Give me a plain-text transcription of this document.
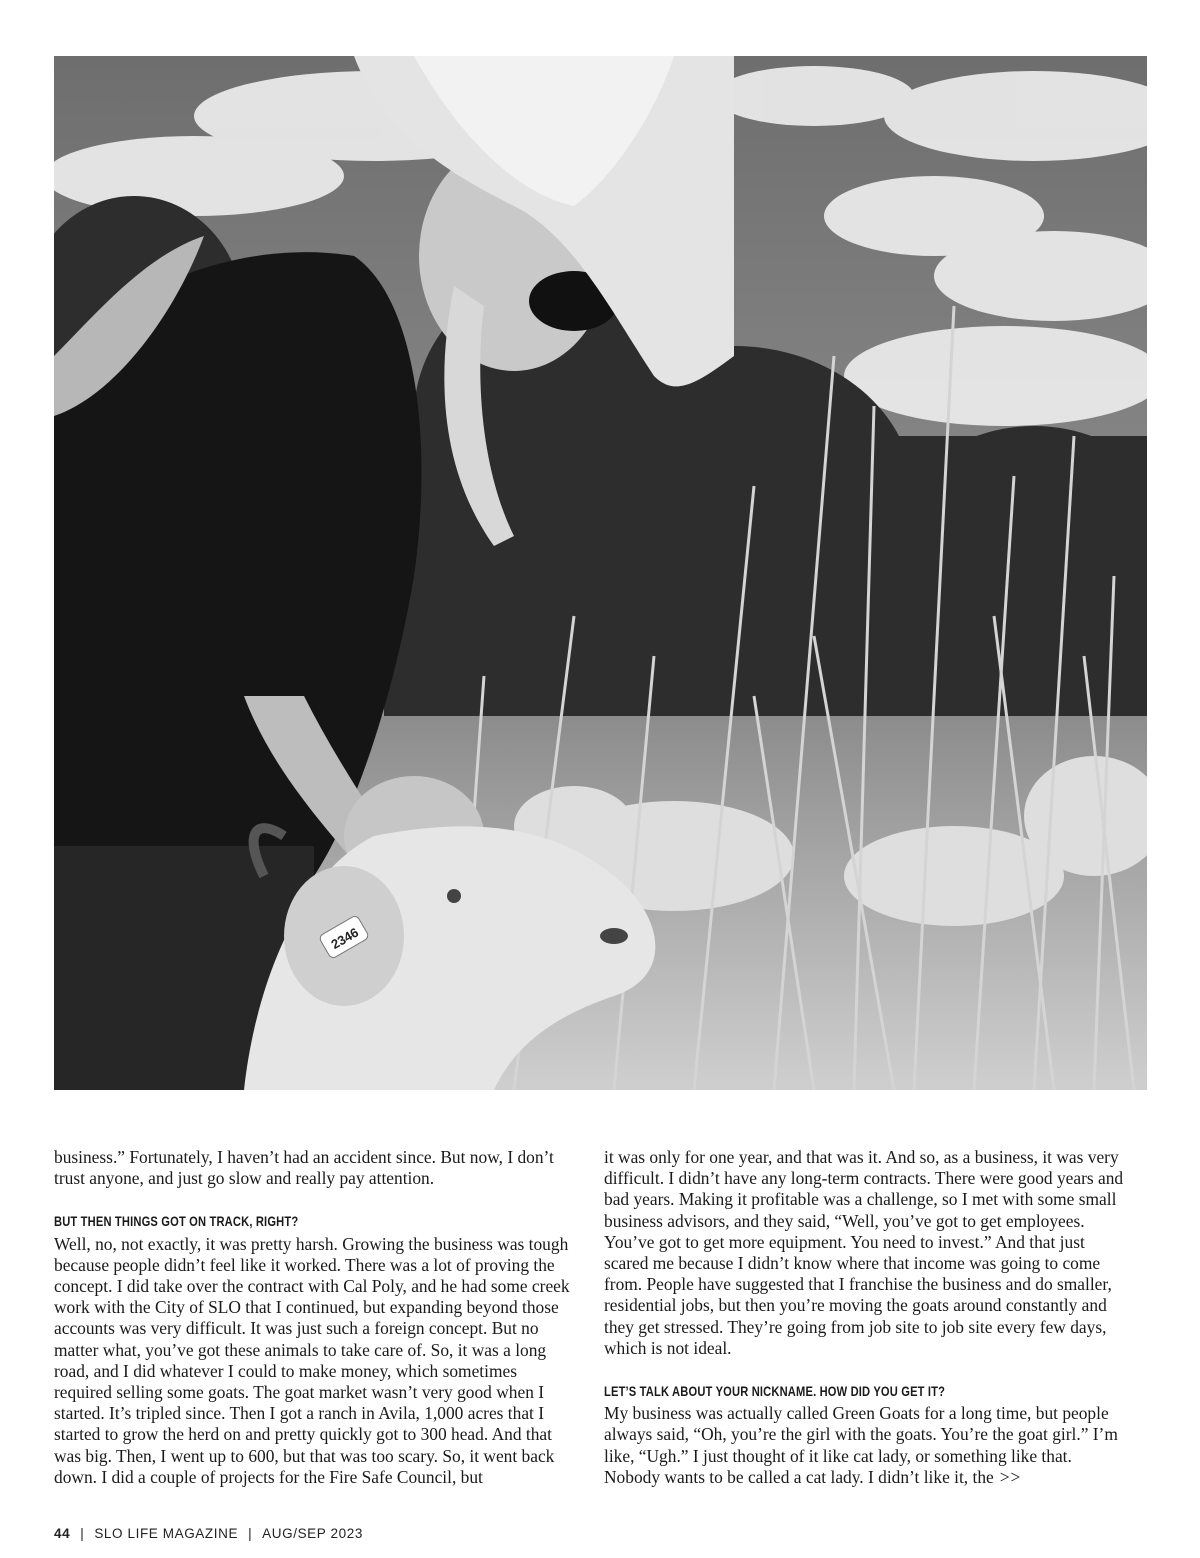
2346

business.” Fortunately, I haven’t had an accident since. But now, I don’t trust anyone, and just go slow and really pay attention.

BUT THEN THINGS GOT ON TRACK, RIGHT?

Well, no, not exactly, it was pretty harsh. Growing the business was tough because people didn’t feel like it worked. There was a lot of proving the concept. I did take over the contract with Cal Poly, and he had some creek work with the City of SLO that I continued, but expanding beyond those accounts was very difficult. It was just such a foreign concept. But no matter what, you’ve got these animals to take care of. So, it was a long road, and I did whatever I could to make money, which sometimes required selling some goats. The goat market wasn’t very good when I started. It’s tripled since. Then I got a ranch in Avila, 1,000 acres that I started to grow the herd on and pretty quickly got to 300 head. And that was big. Then, I went up to 600, but that was too scary. So, it went back down. I did a couple of projects for the Fire Safe Council, but

it was only for one year, and that was it. And so, as a business, it was very difficult. I didn’t have any long-term contracts. There were good years and bad years. Making it profitable was a challenge, so I met with some small business advisors, and they said, “Well, you’ve got to get employees. You’ve got to get more equipment. You need to invest.” And that just scared me because I didn’t know where that income was going to come from. People have suggested that I franchise the business and do smaller, residential jobs, but then you’re moving the goats around constantly and they get stressed. They’re going from job site to job site every few days, which is not ideal.

LET’S TALK ABOUT YOUR NICKNAME. HOW DID YOU GET IT?

My business was actually called Green Goats for a long time, but people always said, “Oh, you’re the girl with the goats. You’re the goat girl.” I’m like, “Ugh.” I just thought of it like cat lady, or something like that. Nobody wants to be called a cat lady. I didn’t like it, the >>

44 | SLO LIFE MAGAZINE | AUG/SEP 2023
